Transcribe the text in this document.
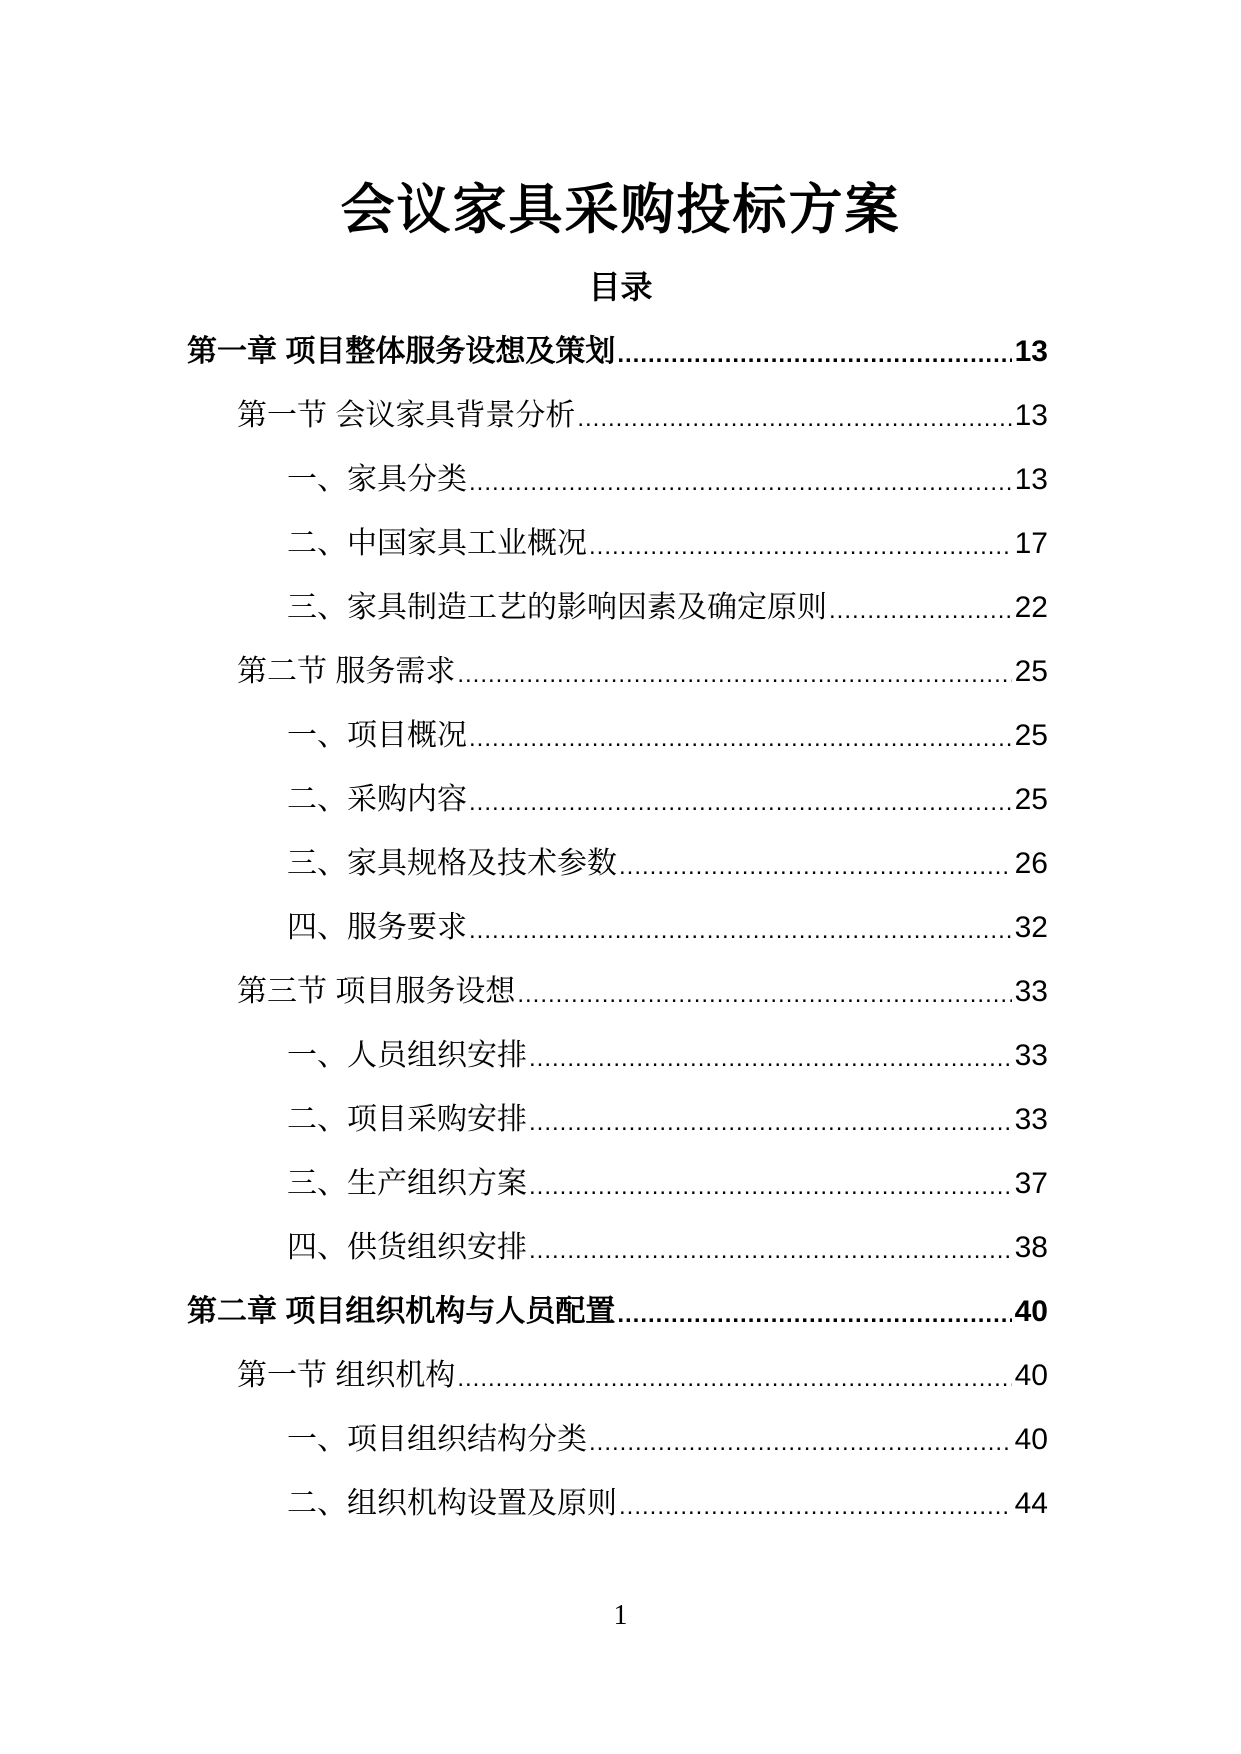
会议家具采购投标方案
目录
第一章 项目整体服务设想及策划 .....	13
第一节 会议家具背景分析 .....	13
一、家具分类 .....	13
二、中国家具工业概况 .....	17
三、家具制造工艺的影响因素及确定原则 .....	22
第二节 服务需求 .....	25
一、项目概况 .....	25
二、采购内容 .....	25
三、家具规格及技术参数 .....	26
四、服务要求 .....	32
第三节 项目服务设想 .....	33
一、人员组织安排 .....	33
二、项目采购安排 .....	33
三、生产组织方案 .....	37
四、供货组织安排 .....	38
第二章 项目组织机构与人员配置 .....	40
第一节 组织机构 .....	40
一、项目组织结构分类 .....	40
二、组织机构设置及原则 .....	44
1
